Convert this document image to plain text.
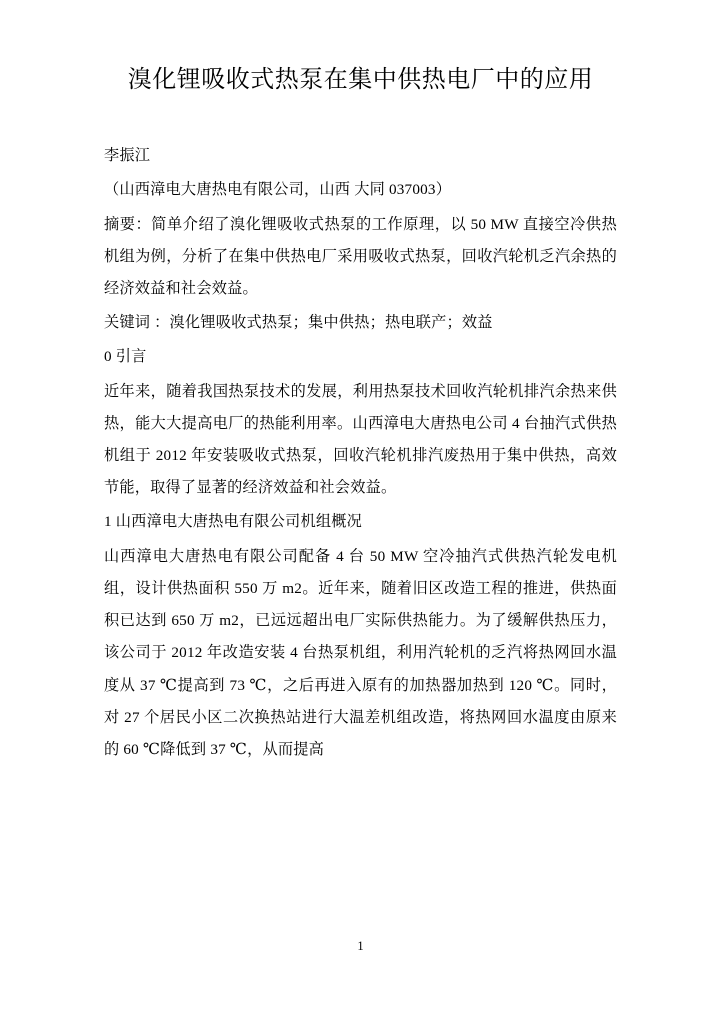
溴化锂吸收式热泵在集中供热电厂中的应用

李振江

（山西漳电大唐热电有限公司，山西 大同 037003）

摘要：简单介绍了溴化锂吸收式热泵的工作原理，以 50 MW 直接空冷供热机组为例，分析了在集中供热电厂采用吸收式热泵，回收汽轮机乏汽余热的经济效益和社会效益。

关键词 ：溴化锂吸收式热泵；集中供热；热电联产；效益

0 引言

近年来，随着我国热泵技术的发展，利用热泵技术回收汽轮机排汽余热来供热，能大大提高电厂的热能利用率。山西漳电大唐热电公司 4 台抽汽式供热机组于 2012 年安装吸收式热泵，回收汽轮机排汽废热用于集中供热，高效节能，取得了显著的经济效益和社会效益。

1 山西漳电大唐热电有限公司机组概况

山西漳电大唐热电有限公司配备 4 台 50 MW 空冷抽汽式供热汽轮发电机组，设计供热面积 550 万 m2。近年来，随着旧区改造工程的推进，供热面积已达到 650 万 m2，已远远超出电厂实际供热能力。为了缓解供热压力，该公司于 2012 年改造安装 4 台热泵机组，利用汽轮机的乏汽将热网回水温度从 37 ℃提高到 73 ℃，之后再进入原有的加热器加热到 120 ℃。同时，对 27 个居民小区二次换热站进行大温差机组改造，将热网回水温度由原来的 60 ℃降低到 37 ℃，从而提高

1
